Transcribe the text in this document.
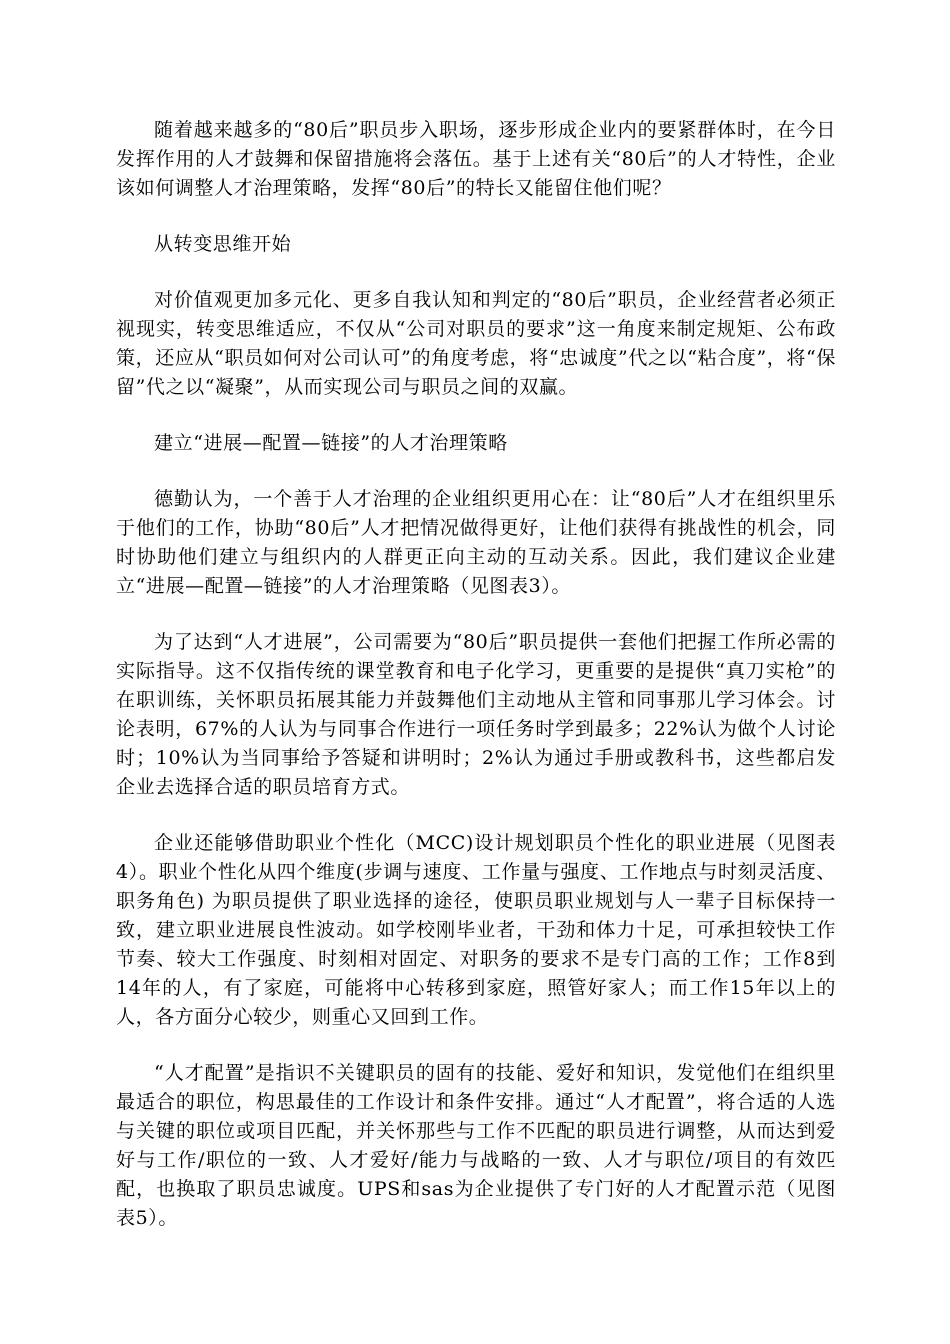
随着越来越多的“80后”职员步入职场，逐步形成企业内的要紧群体时，在今日发挥作用的人才鼓舞和保留措施将会落伍。基于上述有关“80后”的人才特性，企业该如何调整人才治理策略，发挥“80后”的特长又能留住他们呢？

从转变思维开始

对价值观更加多元化、更多自我认知和判定的“80后”职员，企业经营者必须正视现实，转变思维适应，不仅从“公司对职员的要求”这一角度来制定规矩、公布政策，还应从“职员如何对公司认可”的角度考虑，将“忠诚度”代之以“粘合度”，将“保留”代之以“凝聚”，从而实现公司与职员之间的双赢。

建立“进展—配置—链接”的人才治理策略

德勤认为，一个善于人才治理的企业组织更用心在：让“80后”人才在组织里乐于他们的工作，协助“80后”人才把情况做得更好，让他们获得有挑战性的机会，同时协助他们建立与组织内的人群更正向主动的互动关系。因此，我们建议企业建立“进展—配置—链接”的人才治理策略（见图表3）。

为了达到“人才进展”，公司需要为“80后”职员提供一套他们把握工作所必需的实际指导。这不仅指传统的课堂教育和电子化学习，更重要的是提供“真刀实枪”的在职训练，关怀职员拓展其能力并鼓舞他们主动地从主管和同事那儿学习体会。讨论表明，67%的人认为与同事合作进行一项任务时学到最多；22%认为做个人讨论时；10%认为当同事给予答疑和讲明时；2%认为通过手册或教科书，这些都启发企业去选择合适的职员培育方式。

企业还能够借助职业个性化（MCC)设计规划职员个性化的职业进展（见图表4）。职业个性化从四个维度(步调与速度、工作量与强度、工作地点与时刻灵活度、职务角色) 为职员提供了职业选择的途径，使职员职业规划与人一辈子目标保持一致，建立职业进展良性波动。如学校刚毕业者，干劲和体力十足，可承担较快工作节奏、较大工作强度、时刻相对固定、对职务的要求不是专门高的工作；工作8到14年的人，有了家庭，可能将中心转移到家庭，照管好家人；而工作15年以上的人，各方面分心较少，则重心又回到工作。

“人才配置”是指识不关键职员的固有的技能、爱好和知识，发觉他们在组织里最适合的职位，构思最佳的工作设计和条件安排。通过“人才配置”，将合适的人选与关键的职位或项目匹配，并关怀那些与工作不匹配的职员进行调整，从而达到爱好与工作/职位的一致、人才爱好/能力与战略的一致、人才与职位/项目的有效匹配，也换取了职员忠诚度。UPS和sas为企业提供了专门好的人才配置示范（见图表5）。
